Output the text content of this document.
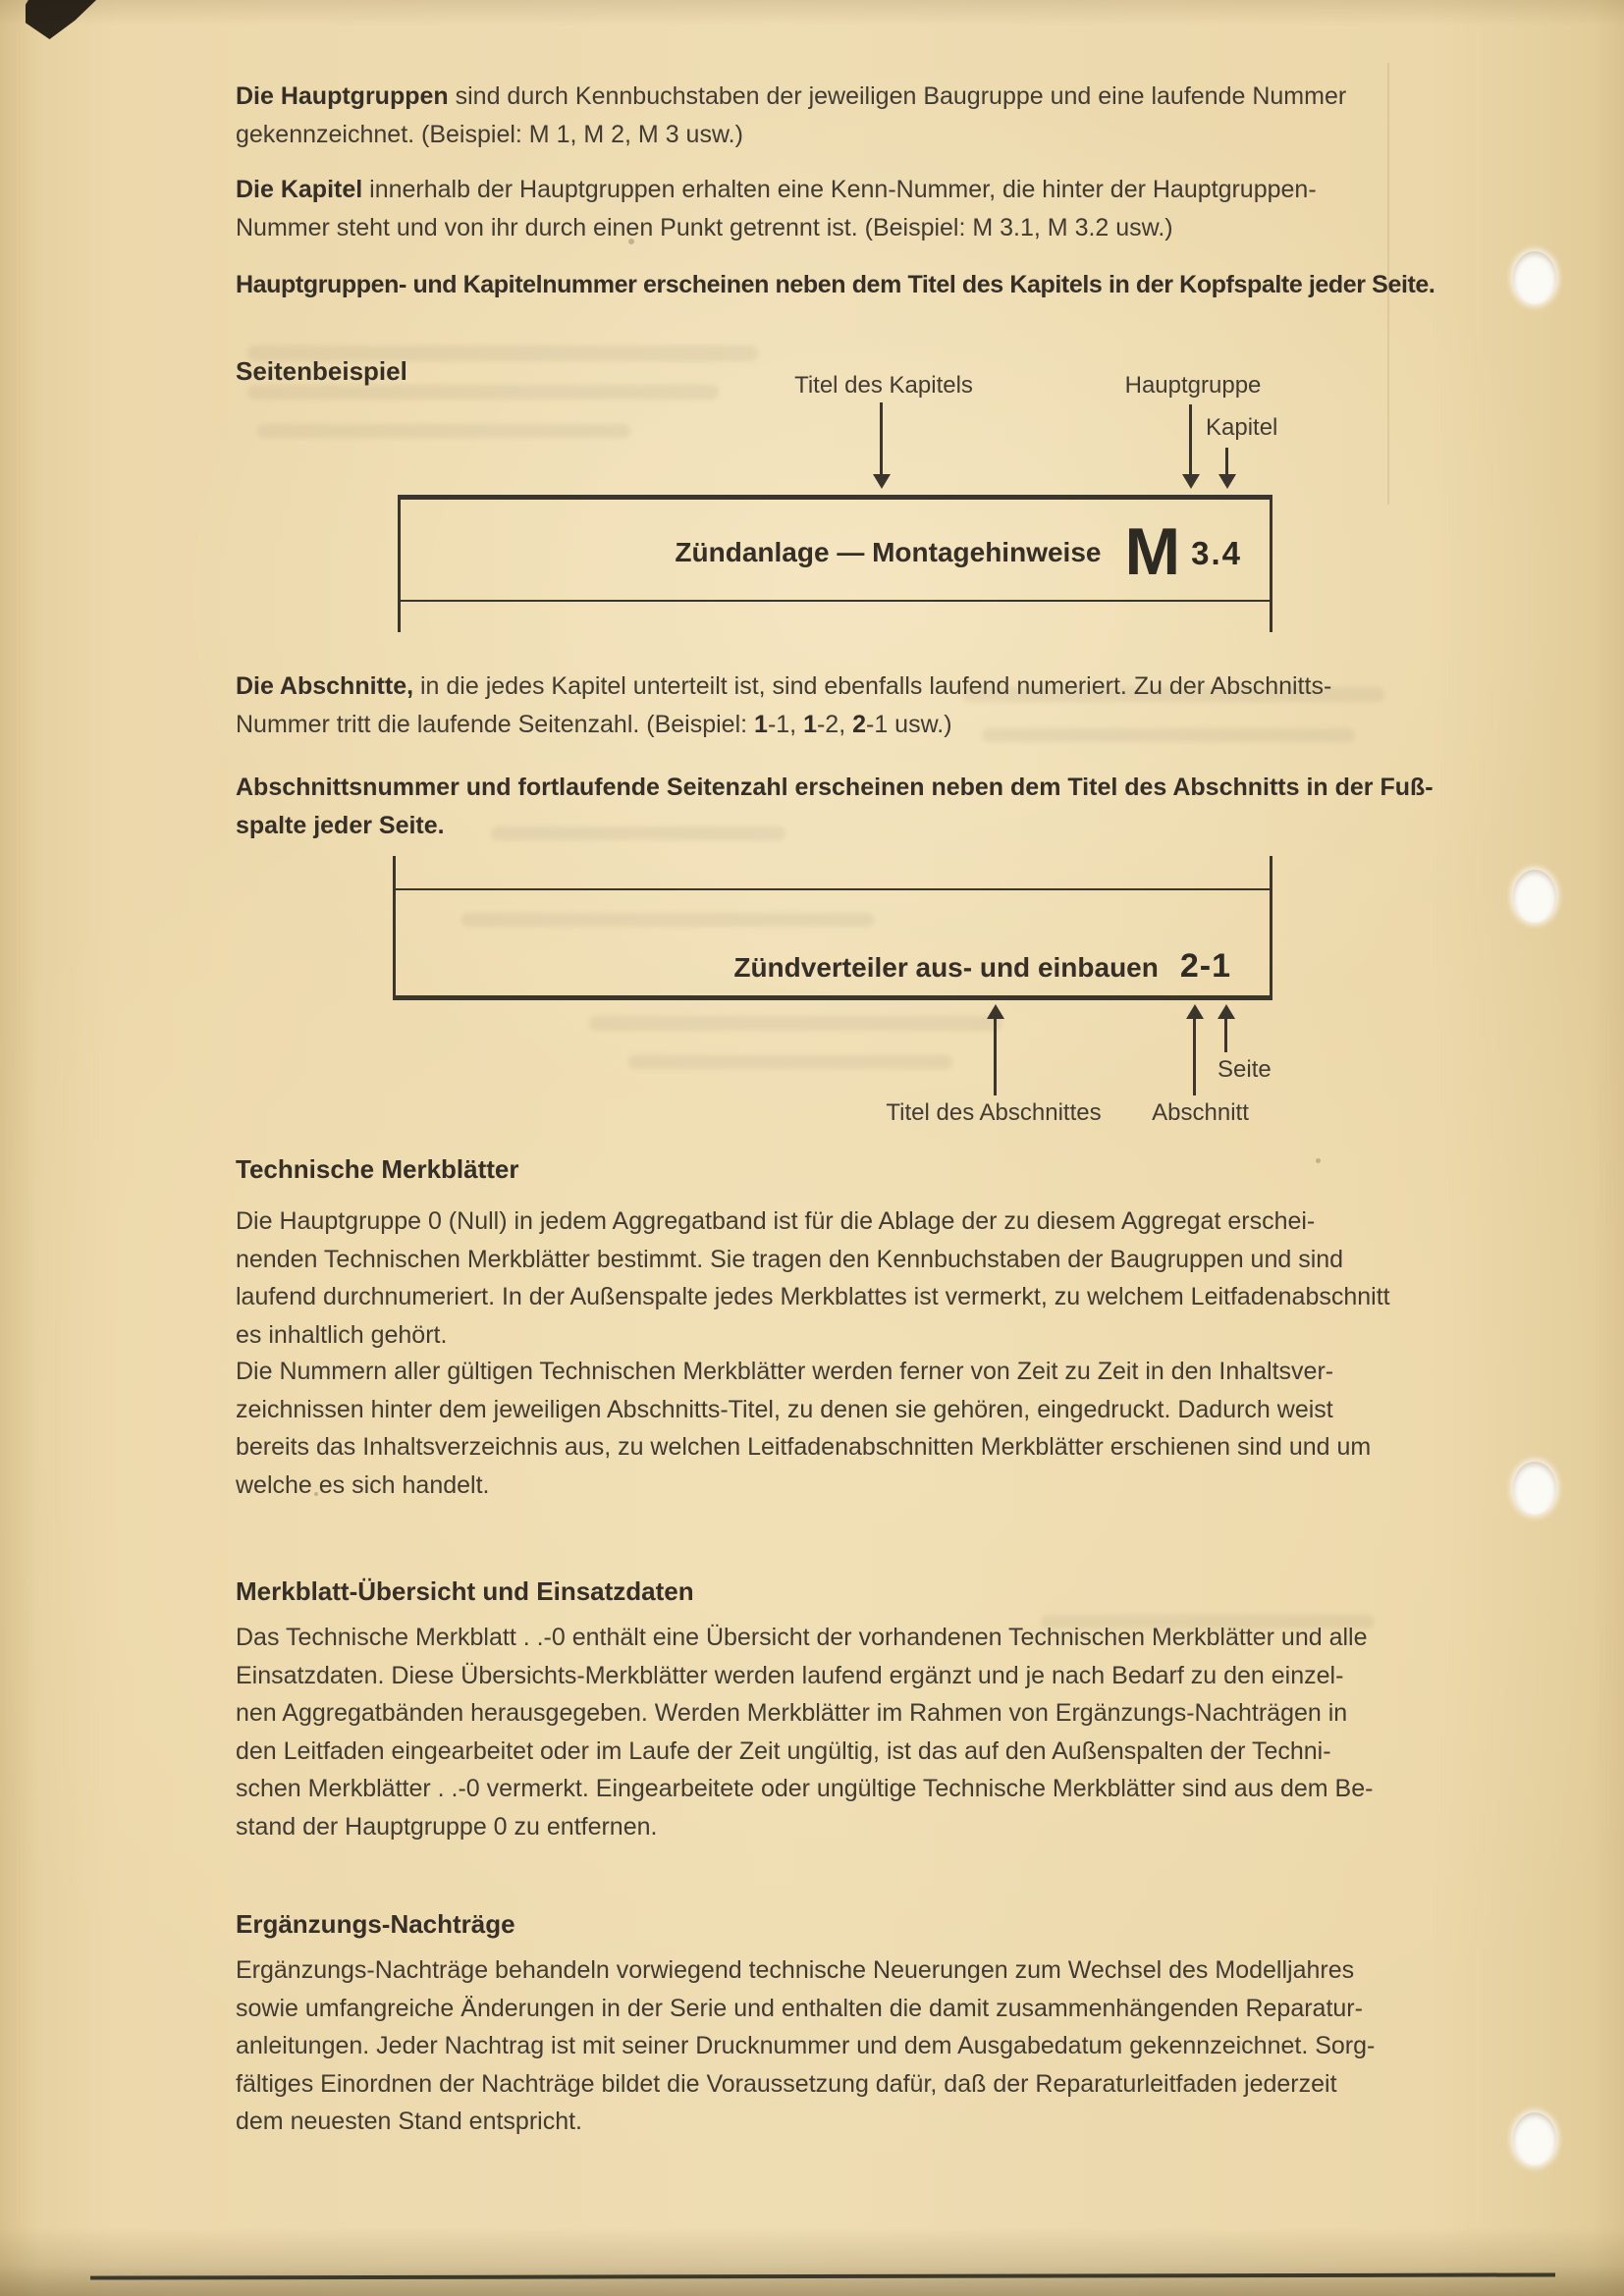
Die Hauptgruppen sind durch Kennbuchstaben der jeweiligen Baugruppe und eine laufende Nummer
gekennzeichnet. (Beispiel: M 1, M 2, M 3 usw.)
Die Kapitel innerhalb der Hauptgruppen erhalten eine Kenn-Nummer, die hinter der Hauptgruppen-
Nummer steht und von ihr durch einen Punkt getrennt ist. (Beispiel: M 3.1, M 3.2 usw.)
Hauptgruppen- und Kapitelnummer erscheinen neben dem Titel des Kapitels in der Kopfspalte jeder Seite.
Seitenbeispiel	Titel des Kapitels	Hauptgruppe
Kapitel
Zündanlage — Montagehinweise M 3.4
Die Abschnitte, in die jedes Kapitel unterteilt ist, sind ebenfalls laufend numeriert. Zu der Abschnitts-
Nummer tritt die laufende Seitenzahl. (Beispiel: 1-1, 1-2, 2-1 usw.)
Abschnittsnummer und fortlaufende Seitenzahl erscheinen neben dem Titel des Abschnitts in der Fuß-
spalte jeder Seite.
Zündverteiler aus- und einbauen 2-1
Seite
Titel des Abschnittes	Abschnitt
Technische Merkblätter
Die Hauptgruppe 0 (Null) in jedem Aggregatband ist für die Ablage der zu diesem Aggregat erschei-
nenden Technischen Merkblätter bestimmt. Sie tragen den Kennbuchstaben der Baugruppen und sind
laufend durchnumeriert. In der Außenspalte jedes Merkblattes ist vermerkt, zu welchem Leitfadenabschnitt
es inhaltlich gehört.
Die Nummern aller gültigen Technischen Merkblätter werden ferner von Zeit zu Zeit in den Inhaltsver-
zeichnissen hinter dem jeweiligen Abschnitts-Titel, zu denen sie gehören, eingedruckt. Dadurch weist
bereits das Inhaltsverzeichnis aus, zu welchen Leitfadenabschnitten Merkblätter erschienen sind und um
welche es sich handelt.
Merkblatt-Übersicht und Einsatzdaten
Das Technische Merkblatt . .-0 enthält eine Übersicht der vorhandenen Technischen Merkblätter und alle
Einsatzdaten. Diese Übersichts-Merkblätter werden laufend ergänzt und je nach Bedarf zu den einzel-
nen Aggregatbänden herausgegeben. Werden Merkblätter im Rahmen von Ergänzungs-Nachträgen in
den Leitfaden eingearbeitet oder im Laufe der Zeit ungültig, ist das auf den Außenspalten der Techni-
schen Merkblätter . .-0 vermerkt. Eingearbeitete oder ungültige Technische Merkblätter sind aus dem Be-
stand der Hauptgruppe 0 zu entfernen.
Ergänzungs-Nachträge
Ergänzungs-Nachträge behandeln vorwiegend technische Neuerungen zum Wechsel des Modelljahres
sowie umfangreiche Änderungen in der Serie und enthalten die damit zusammenhängenden Reparatur-
anleitungen. Jeder Nachtrag ist mit seiner Drucknummer und dem Ausgabedatum gekennzeichnet. Sorg-
fältiges Einordnen der Nachträge bildet die Voraussetzung dafür, daß der Reparaturleitfaden jederzeit
dem neuesten Stand entspricht.
